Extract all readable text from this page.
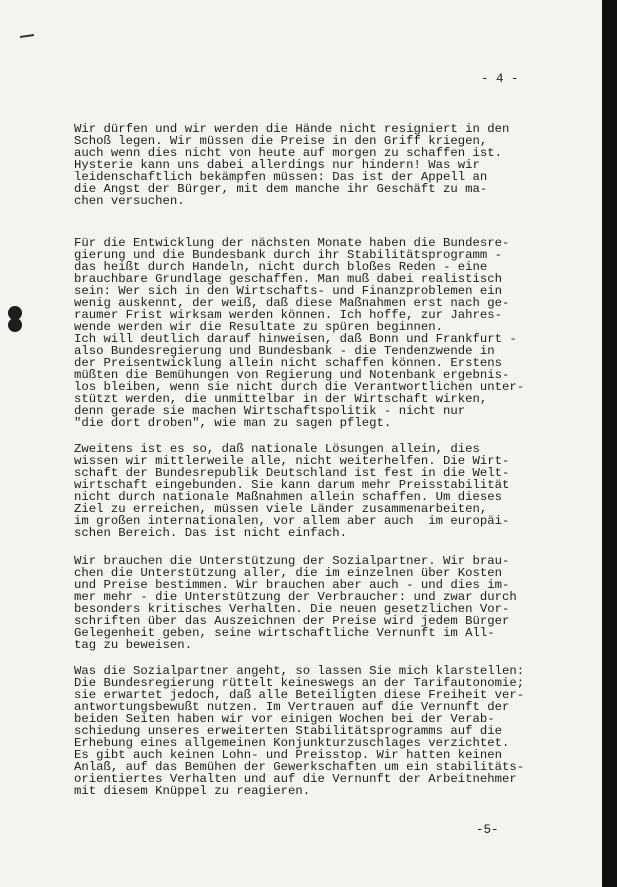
- 4 -
Wir dürfen und wir werden die Hände nicht resigniert in den
Schoß legen. Wir müssen die Preise in den Griff kriegen,
auch wenn dies nicht von heute auf morgen zu schaffen ist.
Hysterie kann uns dabei allerdings nur hindern! Was wir
leidenschaftlich bekämpfen müssen: Das ist der Appell an
die Angst der Bürger, mit dem manche ihr Geschäft zu ma-
chen versuchen.
Für die Entwicklung der nächsten Monate haben die Bundesre-
gierung und die Bundesbank durch ihr Stabilitätsprogramm -
das heißt durch Handeln, nicht durch bloßes Reden - eine
brauchbare Grundlage geschaffen. Man muß dabei realistisch
sein: Wer sich in den Wirtschafts- und Finanzproblemen ein
wenig auskennt, der weiß, daß diese Maßnahmen erst nach ge-
raumer Frist wirksam werden können. Ich hoffe, zur Jahres-
wende werden wir die Resultate zu spüren beginnen.
Ich will deutlich darauf hinweisen, daß Bonn und Frankfurt -
also Bundesregierung und Bundesbank - die Tendenzwende in
der Preisentwicklung allein nicht schaffen können. Erstens
müßten die Bemühungen von Regierung und Notenbank ergebnis-
los bleiben, wenn sie nicht durch die Verantwortlichen unter-
stützt werden, die unmittelbar in der Wirtschaft wirken,
denn gerade sie machen Wirtschaftspolitik - nicht nur
"die dort droben", wie man zu sagen pflegt.
Zweitens ist es so, daß nationale Lösungen allein, dies
wissen wir mittlerweile alle, nicht weiterhelfen. Die Wirt-
schaft der Bundesrepublik Deutschland ist fest in die Welt-
wirtschaft eingebunden. Sie kann darum mehr Preisstabilität
nicht durch nationale Maßnahmen allein schaffen. Um dieses
Ziel zu erreichen, müssen viele Länder zusammenarbeiten,
im großen internationalen, vor allem aber auch  im europäi-
schen Bereich. Das ist nicht einfach.
Wir brauchen die Unterstützung der Sozialpartner. Wir brau-
chen die Unterstützung aller, die im einzelnen über Kosten
und Preise bestimmen. Wir brauchen aber auch - und dies im-
mer mehr - die Unterstützung der Verbraucher: und zwar durch
besonders kritisches Verhalten. Die neuen gesetzlichen Vor-
schriften über das Auszeichnen der Preise wird jedem Bürger
Gelegenheit geben, seine wirtschaftliche Vernunft im All-
tag zu beweisen.
Was die Sozialpartner angeht, so lassen Sie mich klarstellen:
Die Bundesregierung rüttelt keineswegs an der Tarifautonomie;
sie erwartet jedoch, daß alle Beteiligten diese Freiheit ver-
antwortungsbewußt nutzen. Im Vertrauen auf die Vernunft der
beiden Seiten haben wir vor einigen Wochen bei der Verab-
schiedung unseres erweiterten Stabilitätsprogramms auf die
Erhebung eines allgemeinen Konjunkturzuschlages verzichtet.
Es gibt auch keinen Lohn- und Preisstop. Wir hatten keinen
Anlaß, auf das Bemühen der Gewerkschaften um ein stabilitäts-
orientiertes Verhalten und auf die Vernunft der Arbeitnehmer
mit diesem Knüppel zu reagieren.
-5-
